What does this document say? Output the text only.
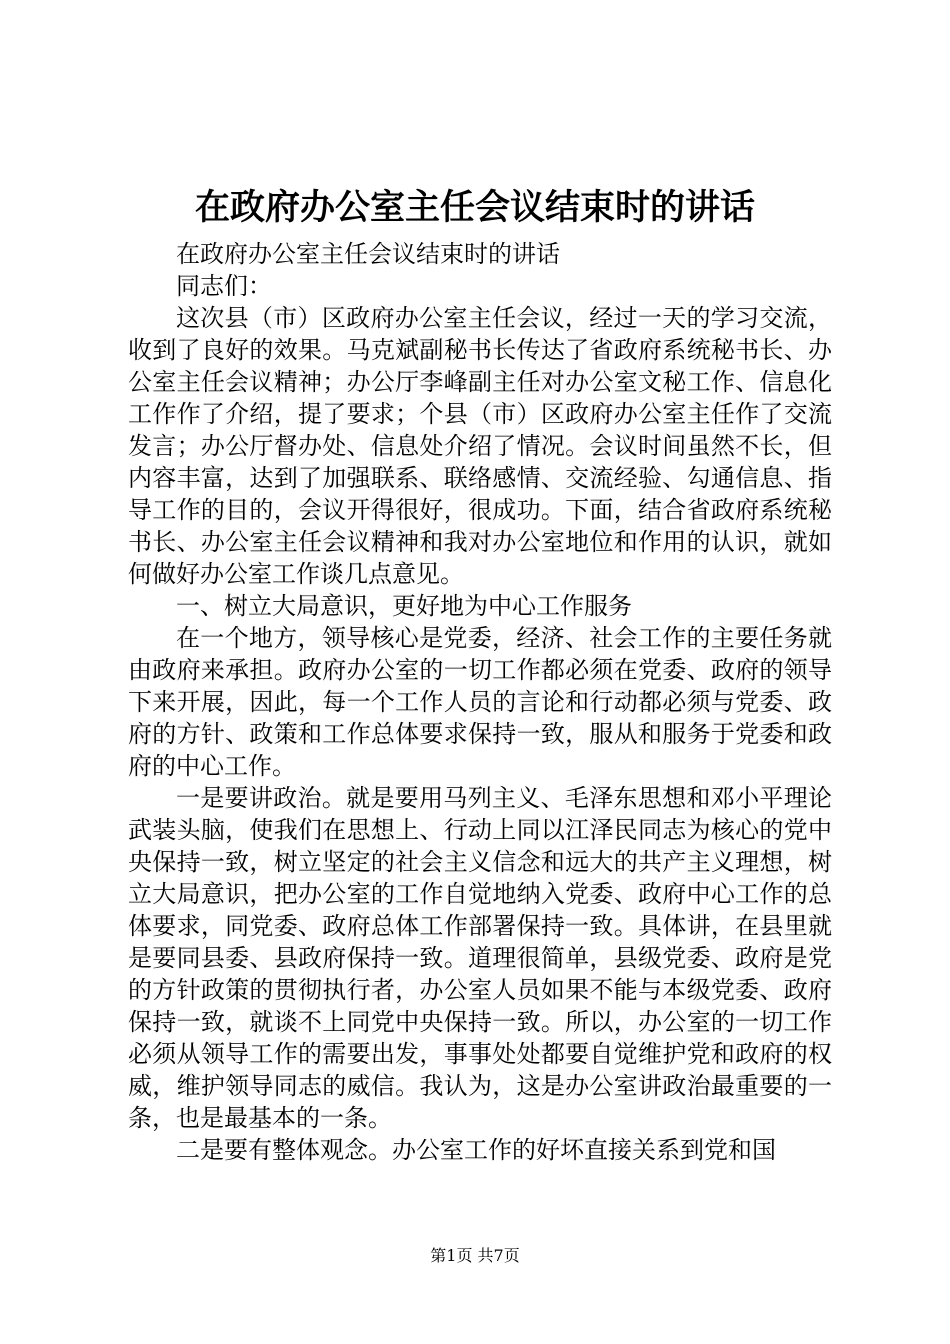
在政府办公室主任会议结束时的讲话

在政府办公室主任会议结束时的讲话

同志们：

这次县（市）区政府办公室主任会议，经过一天的学习交流，收到了良好的效果。马克斌副秘书长传达了省政府系统秘书长、办公室主任会议精神；办公厅李峰副主任对办公室文秘工作、信息化工作作了介绍，提了要求；个县（市）区政府办公室主任作了交流发言；办公厅督办处、信息处介绍了情况。会议时间虽然不长，但内容丰富，达到了加强联系、联络感情、交流经验、勾通信息、指导工作的目的，会议开得很好，很成功。下面，结合省政府系统秘书长、办公室主任会议精神和我对办公室地位和作用的认识，就如何做好办公室工作谈几点意见。

一、树立大局意识，更好地为中心工作服务

在一个地方，领导核心是党委，经济、社会工作的主要任务就由政府来承担。政府办公室的一切工作都必须在党委、政府的领导下来开展，因此，每一个工作人员的言论和行动都必须与党委、政府的方针、政策和工作总体要求保持一致，服从和服务于党委和政府的中心工作。

一是要讲政治。就是要用马列主义、毛泽东思想和邓小平理论武装头脑，使我们在思想上、行动上同以江泽民同志为核心的党中央保持一致，树立坚定的社会主义信念和远大的共产主义理想，树立大局意识，把办公室的工作自觉地纳入党委、政府中心工作的总体要求，同党委、政府总体工作部署保持一致。具体讲，在县里就是要同县委、县政府保持一致。道理很简单，县级党委、政府是党的方针政策的贯彻执行者，办公室人员如果不能与本级党委、政府保持一致，就谈不上同党中央保持一致。所以，办公室的一切工作必须从领导工作的需要出发，事事处处都要自觉维护党和政府的权威，维护领导同志的威信。我认为，这是办公室讲政治最重要的一条，也是最基本的一条。

二是要有整体观念。办公室工作的好坏直接关系到党和国

第1页 共7页
